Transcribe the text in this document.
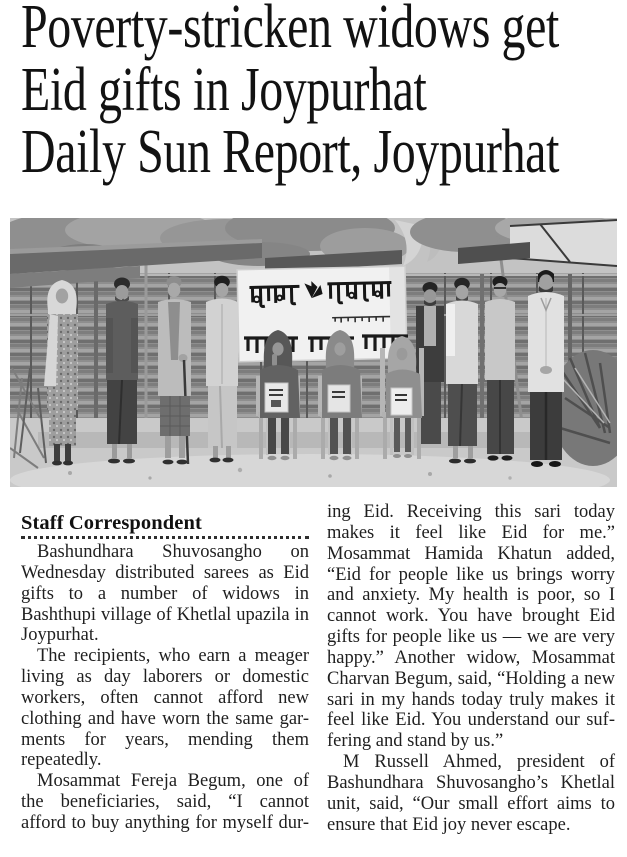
Poverty-stricken widows get
Eid gifts in Joypurhat
Daily Sun Report, Joypurhat
Staff Correspondent
Bashundhara Shuvosangho on
Wednesday distributed sarees as Eid
gifts to a number of widows in
Bashthupi village of Khetlal upazila in
Joypurhat.
The recipients, who earn a meager
living as day laborers or domestic
workers, often cannot afford new
clothing and have worn the same gar-
ments for years, mending them
repeatedly.
Mosammat Fereja Begum, one of
the beneficiaries, said, “I cannot
afford to buy anything for myself dur-
ing Eid. Receiving this sari today
makes it feel like Eid for me.”
Mosammat Hamida Khatun added,
“Eid for people like us brings worry
and anxiety. My health is poor, so I
cannot work. You have brought Eid
gifts for people like us — we are very
happy.” Another widow, Mosammat
Charvan Begum, said, “Holding a new
sari in my hands today truly makes it
feel like Eid. You understand our suf-
fering and stand by us.”
M Russell Ahmed, president of
Bashundhara Shuvosangho’s Khetlal
unit, said, “Our small effort aims to
ensure that Eid joy never escape.
